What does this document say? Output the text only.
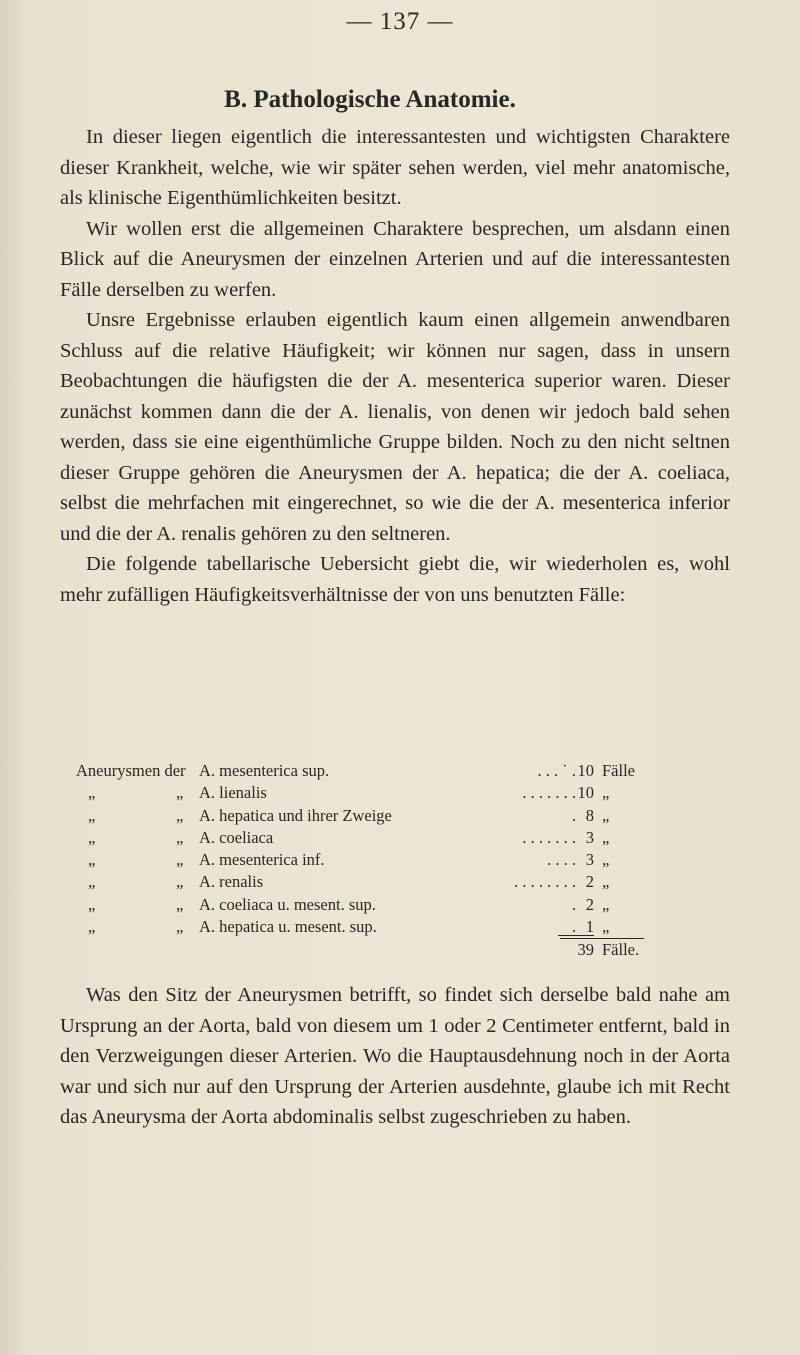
— 137 —
B. Pathologische Anatomie.

In dieser liegen eigentlich die interessantesten und wichtigsten Charaktere dieser Krankheit, welche, wie wir später sehen werden, viel mehr anatomische, als klinische Eigenthümlichkeiten besitzt.

Wir wollen erst die allgemeinen Charaktere besprechen, um alsdann einen Blick auf die Aneurysmen der einzelnen Arterien und auf die interessantesten Fälle derselben zu werfen.

Unsre Ergebnisse erlauben eigentlich kaum einen allgemein anwendbaren Schluss auf die relative Häufigkeit; wir können nur sagen, dass in unsern Beobachtungen die häufigsten die der A. mesenterica superior waren. Dieser zunächst kommen dann die der A. lienalis, von denen wir jedoch bald sehen werden, dass sie eine eigenthümliche Gruppe bilden. Noch zu den nicht seltnen dieser Gruppe gehören die Aneurysmen der A. hepatica; die der A. coeliaca, selbst die mehrfachen mit eingerechnet, so wie die der A. mesenterica inferior und die der A. renalis gehören zu den seltneren.

Die folgende tabellarische Uebersicht giebt die, wir wiederholen es, wohl mehr zufälligen Häufigkeitsverhältnisse der von uns benutzten Fälle:

Aneurysmen der A. mesenterica sup.	. . . ˙ . 10 Fälle
„	„ A. lienalis	. . . . . . . 10 „
„	„ A. hepatica und ihrer Zweige	. 8 „
„	„ A. coeliaca	. . . . . . . 3 „
„	„ A. mesenterica inf.	. . . . 3 „
„	„ A. renalis	. . . . . . . . 2 „
„	„ A. coeliaca u. mesent. sup.	. 2 „
„	„ A. hepatica u. mesent. sup.	. 1 „
39 Fälle.

Was den Sitz der Aneurysmen betrifft, so findet sich derselbe bald nahe am Ursprung an der Aorta, bald von diesem um 1 oder 2 Centimeter entfernt, bald in den Verzweigungen dieser Arterien. Wo die Hauptausdehnung noch in der Aorta war und sich nur auf den Ursprung der Arterien ausdehnte, glaube ich mit Recht das Aneurysma der Aorta abdominalis selbst zugeschrieben zu haben.
